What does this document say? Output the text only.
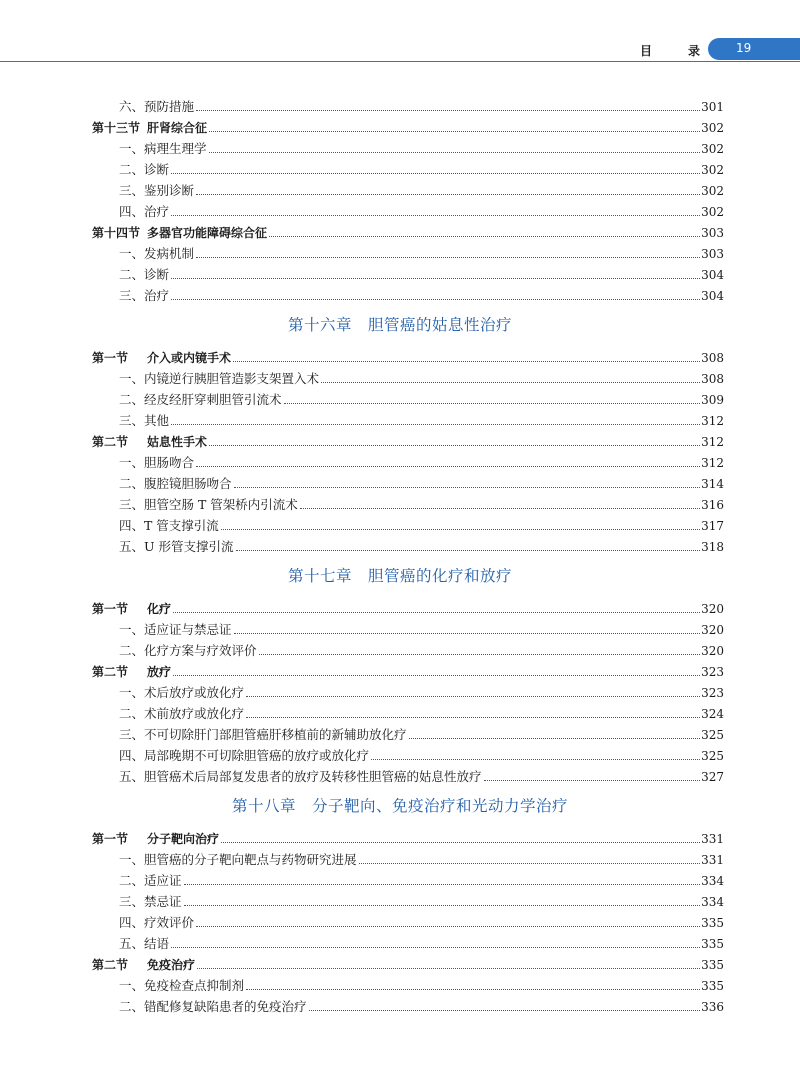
目	录	19
六、预防措施	301
第十三节 肝肾综合征	302
一、病理生理学	302
二、诊断	302
三、鉴别诊断	302
四、治疗	302
第十四节 多器官功能障碍综合征	303
一、发病机制	303
二、诊断	304
三、治疗	304
第十六章 胆管癌的姑息性治疗
第一节 介入或内镜手术	308
一、内镜逆行胰胆管造影支架置入术	308
二、经皮经肝穿刺胆管引流术	309
三、其他	312
第二节 姑息性手术	312
一、胆肠吻合	312
二、腹腔镜胆肠吻合	314
三、胆管空肠 T 管架桥内引流术	316
四、T 管支撑引流	317
五、U 形管支撑引流	318
第十七章 胆管癌的化疗和放疗
第一节 化疗	320
一、适应证与禁忌证	320
二、化疗方案与疗效评价	320
第二节 放疗	323
一、术后放疗或放化疗	323
二、术前放疗或放化疗	324
三、不可切除肝门部胆管癌肝移植前的新辅助放化疗	325
四、局部晚期不可切除胆管癌的放疗或放化疗	325
五、胆管癌术后局部复发患者的放疗及转移性胆管癌的姑息性放疗	327
第十八章 分子靶向、免疫治疗和光动力学治疗
第一节 分子靶向治疗	331
一、胆管癌的分子靶向靶点与药物研究进展	331
二、适应证	334
三、禁忌证	334
四、疗效评价	335
五、结语	335
第二节 免疫治疗	335
一、免疫检查点抑制剂	335
二、错配修复缺陷患者的免疫治疗	336
